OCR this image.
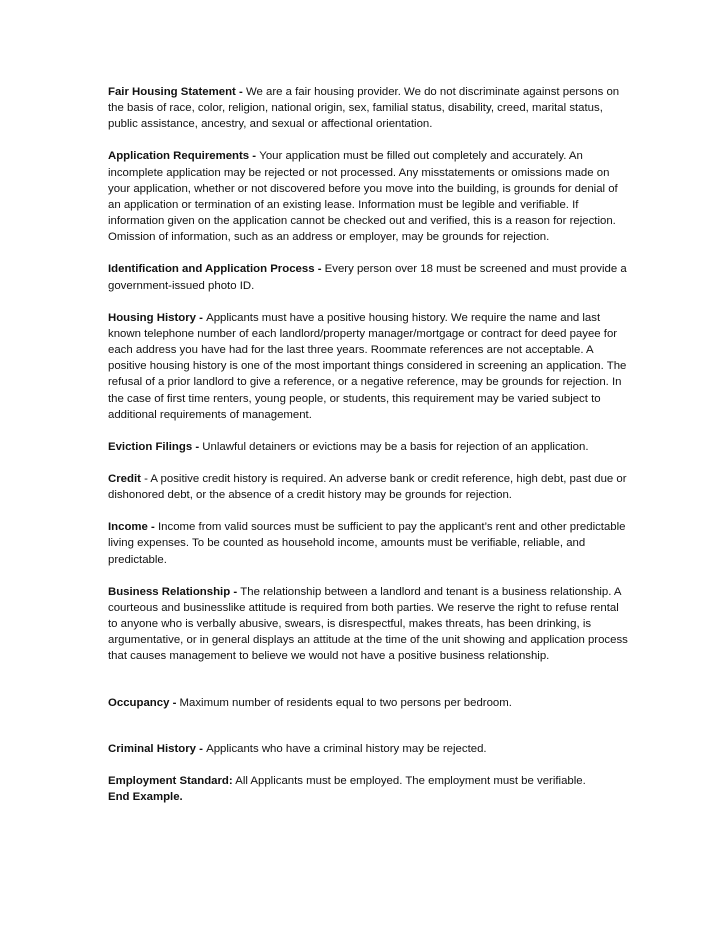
Fair Housing Statement - We are a fair housing provider. We do not discriminate against persons on the basis of race, color, religion, national origin, sex, familial status, disability, creed, marital status, public assistance, ancestry, and sexual or affectional orientation.

Application Requirements - Your application must be filled out completely and accurately. An incomplete application may be rejected or not processed. Any misstatements or omissions made on your application, whether or not discovered before you move into the building, is grounds for denial of an application or termination of an existing lease. Information must be legible and verifiable. If information given on the application cannot be checked out and verified, this is a reason for rejection. Omission of information, such as an address or employer, may be grounds for rejection.

Identification and Application Process - Every person over 18 must be screened and must provide a government-issued photo ID.

Housing History - Applicants must have a positive housing history. We require the name and last known telephone number of each landlord/property manager/mortgage or contract for deed payee for each address you have had for the last three years. Roommate references are not acceptable. A positive housing history is one of the most important things considered in screening an application. The refusal of a prior landlord to give a reference, or a negative reference, may be grounds for rejection. In the case of first time renters, young people, or students, this requirement may be varied subject to additional requirements of management.

Eviction Filings - Unlawful detainers or evictions may be a basis for rejection of an application.

Credit - A positive credit history is required. An adverse bank or credit reference, high debt, past due or dishonored debt, or the absence of a credit history may be grounds for rejection.

Income - Income from valid sources must be sufficient to pay the applicant’s rent and other predictable living expenses. To be counted as household income, amounts must be verifiable, reliable, and predictable.

Business Relationship - The relationship between a landlord and tenant is a business relationship. A courteous and businesslike attitude is required from both parties. We reserve the right to refuse rental to anyone who is verbally abusive, swears, is disrespectful, makes threats, has been drinking, is argumentative, or in general displays an attitude at the time of the unit showing and application process that causes management to believe we would not have a positive business relationship.

Occupancy - Maximum number of residents equal to two persons per bedroom.

Criminal History - Applicants who have a criminal history may be rejected.

Employment Standard: All Applicants must be employed. The employment must be verifiable.

End Example.
